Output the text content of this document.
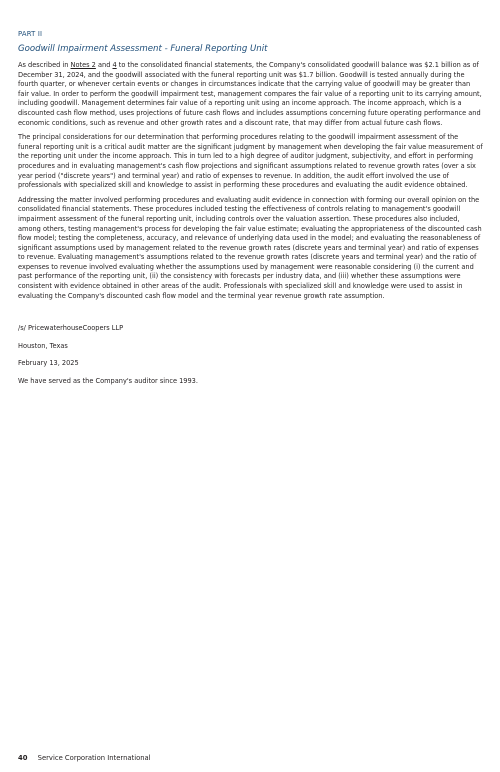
PART II
Goodwill Impairment Assessment - Funeral Reporting Unit

As described in Notes 2 and 4 to the consolidated financial statements, the Company's consolidated goodwill balance was $2.1 billion as of December 31, 2024, and the goodwill associated with the funeral reporting unit was $1.7 billion. Goodwill is tested annually during the fourth quarter, or whenever certain events or changes in circumstances indicate that the carrying value of goodwill may be greater than fair value. In order to perform the goodwill impairment test, management compares the fair value of a reporting unit to its carrying amount, including goodwill. Management determines fair value of a reporting unit using an income approach. The income approach, which is a discounted cash flow method, uses projections of future cash flows and includes assumptions concerning future operating performance and economic conditions, such as revenue and other growth rates and a discount rate, that may differ from actual future cash flows.

The principal considerations for our determination that performing procedures relating to the goodwill impairment assessment of the funeral reporting unit is a critical audit matter are the significant judgment by management when developing the fair value measurement of the reporting unit under the income approach. This in turn led to a high degree of auditor judgment, subjectivity, and effort in performing procedures and in evaluating management's cash flow projections and significant assumptions related to revenue growth rates (over a six year period ("discrete years") and terminal year) and ratio of expenses to revenue. In addition, the audit effort involved the use of professionals with specialized skill and knowledge to assist in performing these procedures and evaluating the audit evidence obtained.

Addressing the matter involved performing procedures and evaluating audit evidence in connection with forming our overall opinion on the consolidated financial statements. These procedures included testing the effectiveness of controls relating to management's goodwill impairment assessment of the funeral reporting unit, including controls over the valuation assertion. These procedures also included, among others, testing management's process for developing the fair value estimate; evaluating the appropriateness of the discounted cash flow model; testing the completeness, accuracy, and relevance of underlying data used in the model; and evaluating the reasonableness of significant assumptions used by management related to the revenue growth rates (discrete years and terminal year) and ratio of expenses to revenue. Evaluating management's assumptions related to the revenue growth rates (discrete years and terminal year) and the ratio of expenses to revenue involved evaluating whether the assumptions used by management were reasonable considering (i) the current and past performance of the reporting unit, (ii) the consistency with forecasts per industry data, and (iii) whether these assumptions were consistent with evidence obtained in other areas of the audit. Professionals with specialized skill and knowledge were used to assist in evaluating the Company's discounted cash flow model and the terminal year revenue growth rate assumption.

/s/ PricewaterhouseCoopers LLP

Houston, Texas

February 13, 2025

We have served as the Company's auditor since 1993.

40 Service Corporation International
